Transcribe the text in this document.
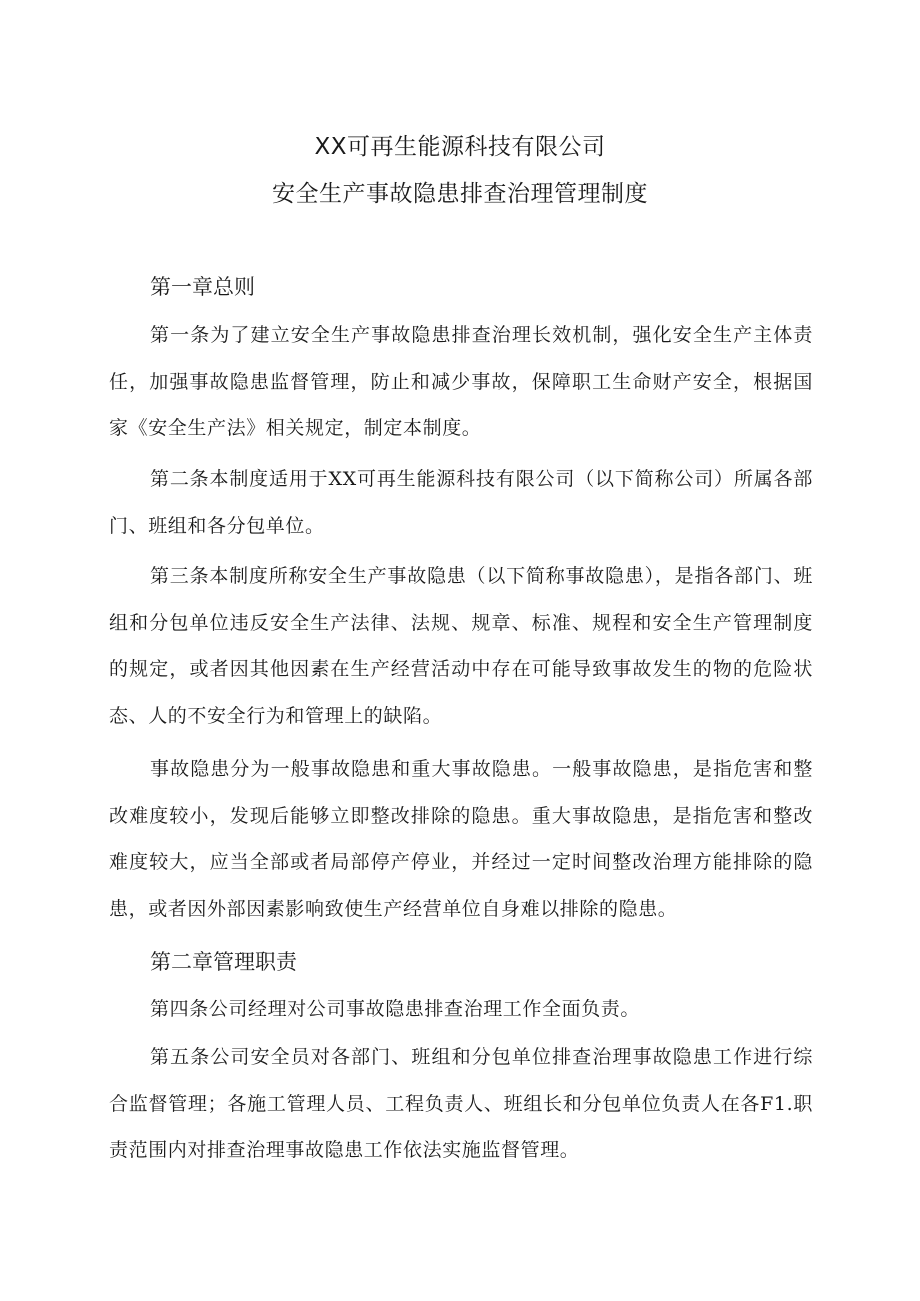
XX可再生能源科技有限公司
安全生产事故隐患排查治理管理制度
第一章总则

第一条为了建立安全生产事故隐患排查治理长效机制，强化安全生产主体责任，加强事故隐患监督管理，防止和减少事故，保障职工生命财产安全，根据国家《安全生产法》相关规定，制定本制度。

第二条本制度适用于XX可再生能源科技有限公司（以下简称公司）所属各部门、班组和各分包单位。

第三条本制度所称安全生产事故隐患（以下简称事故隐患），是指各部门、班组和分包单位违反安全生产法律、法规、规章、标准、规程和安全生产管理制度的规定，或者因其他因素在生产经营活动中存在可能导致事故发生的物的危险状态、人的不安全行为和管理上的缺陷。

事故隐患分为一般事故隐患和重大事故隐患。一般事故隐患，是指危害和整改难度较小，发现后能够立即整改排除的隐患。重大事故隐患，是指危害和整改难度较大，应当全部或者局部停产停业，并经过一定时间整改治理方能排除的隐患，或者因外部因素影响致使生产经营单位自身难以排除的隐患。

第二章管理职责

第四条公司经理对公司事故隐患排查治理工作全面负责。

第五条公司安全员对各部门、班组和分包单位排查治理事故隐患工作进行综合监督管理；各施工管理人员、工程负责人、班组长和分包单位负责人在各F1.职责范围内对排查治理事故隐患工作依法实施监督管理。
